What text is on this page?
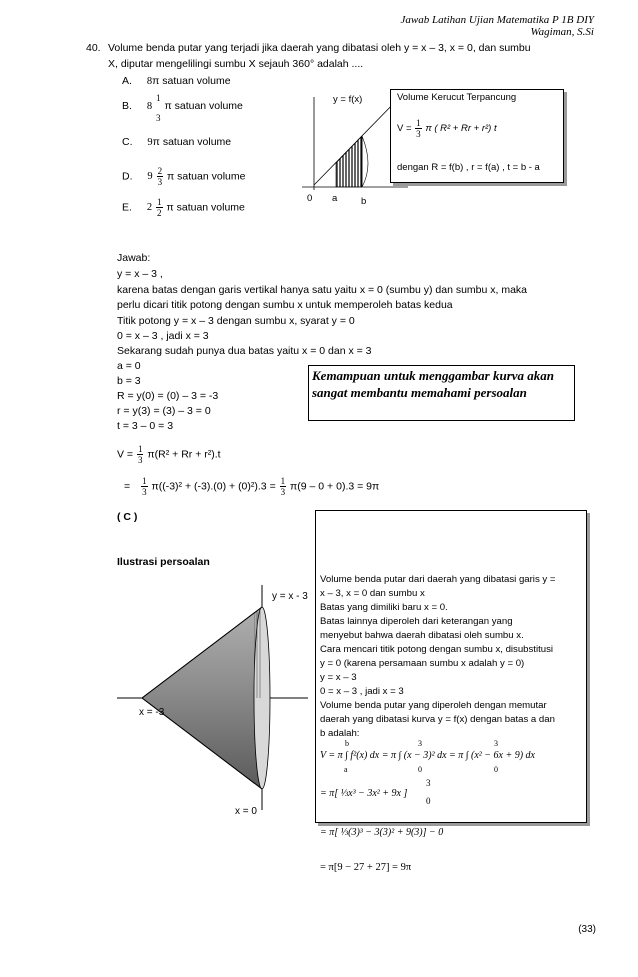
Jawab Latihan Ujian Matematika P 1B DIY
Wagiman, S.Si
40. Volume benda putar yang terjadi jika daerah yang dibatasi oleh y = x – 3, x = 0, dan sumbu
X, diputar mengelilingi sumbu X sejauh 360° adalah ....
A. 8π satuan volume
B. 8
1
3
π satuan volume
C. 9π satuan volume
D. $9 \frac{2}{3}$ π satuan volume
E. $2 \frac{1}{2}$ π satuan volume
y = f(x)
0 a b
Volume Kerucut Terpancung
$V = \frac{1}{3}$ π ( R² + Rr + r²) t
dengan R = f(b) , r = f(a) , t = b - a
Jawab:
y = x – 3 ,
karena batas dengan garis vertikal hanya satu yaitu x = 0 (sumbu y) dan sumbu x, maka
perlu dicari titik potong dengan sumbu x untuk memperoleh batas kedua
Titik potong y = x – 3 dengan sumbu x, syarat y = 0
0 = x – 3 , jadi x = 3
Sekarang sudah punya dua batas yaitu x = 0 dan x = 3
a = 0
b = 3
R = y(0) = (0) – 3 = -3
r = y(3) = (3) – 3 = 0
t = 3 – 0 = 3
Kemampuan untuk menggambar kurva akan sangat membantu memahami persoalan
$V = \frac{1}{3} \pi(R^2 + Rr + r^2).t$
= $\frac{1}{3} \pi((-3)^2 + (-3).(0) + (0)^2).3 = \frac{1}{3} \pi(9 - 0 + 0).3 = 9\pi$
( C )
Ilustrasi persoalan
y = x - 3
x = -3
x = 0
Volume benda putar dari daerah yang dibatasi garis y =
x – 3, x = 0 dan sumbu x
Batas yang dimiliki baru x = 0.
Batas lainnya diperoleh dari keterangan yang
menyebut bahwa daerah dibatasi oleh sumbu x.
Cara mencari titik potong dengan sumbu x, disubstitusi
y = 0 (karena persamaan sumbu x adalah y = 0)
y = x – 3
0 = x – 3 , jadi x = 3
Volume benda putar yang diperoleh dengan memutar
daerah yang dibatasi kurva y = f(x) dengan batas a dan
b adalah:
b	3	3
V = π ∫ f²(x) dx = π ∫ (x − 3)² dx = π ∫ (x² − 6x + 9) dx
a	0	0
3
= π[ ⅓x³ − 3x² + 9x ]
0
= π[ ⅓(3)³ − 3(3)² + 9(3)] − 0
= π[9 − 27 + 27] = 9π
(33)
